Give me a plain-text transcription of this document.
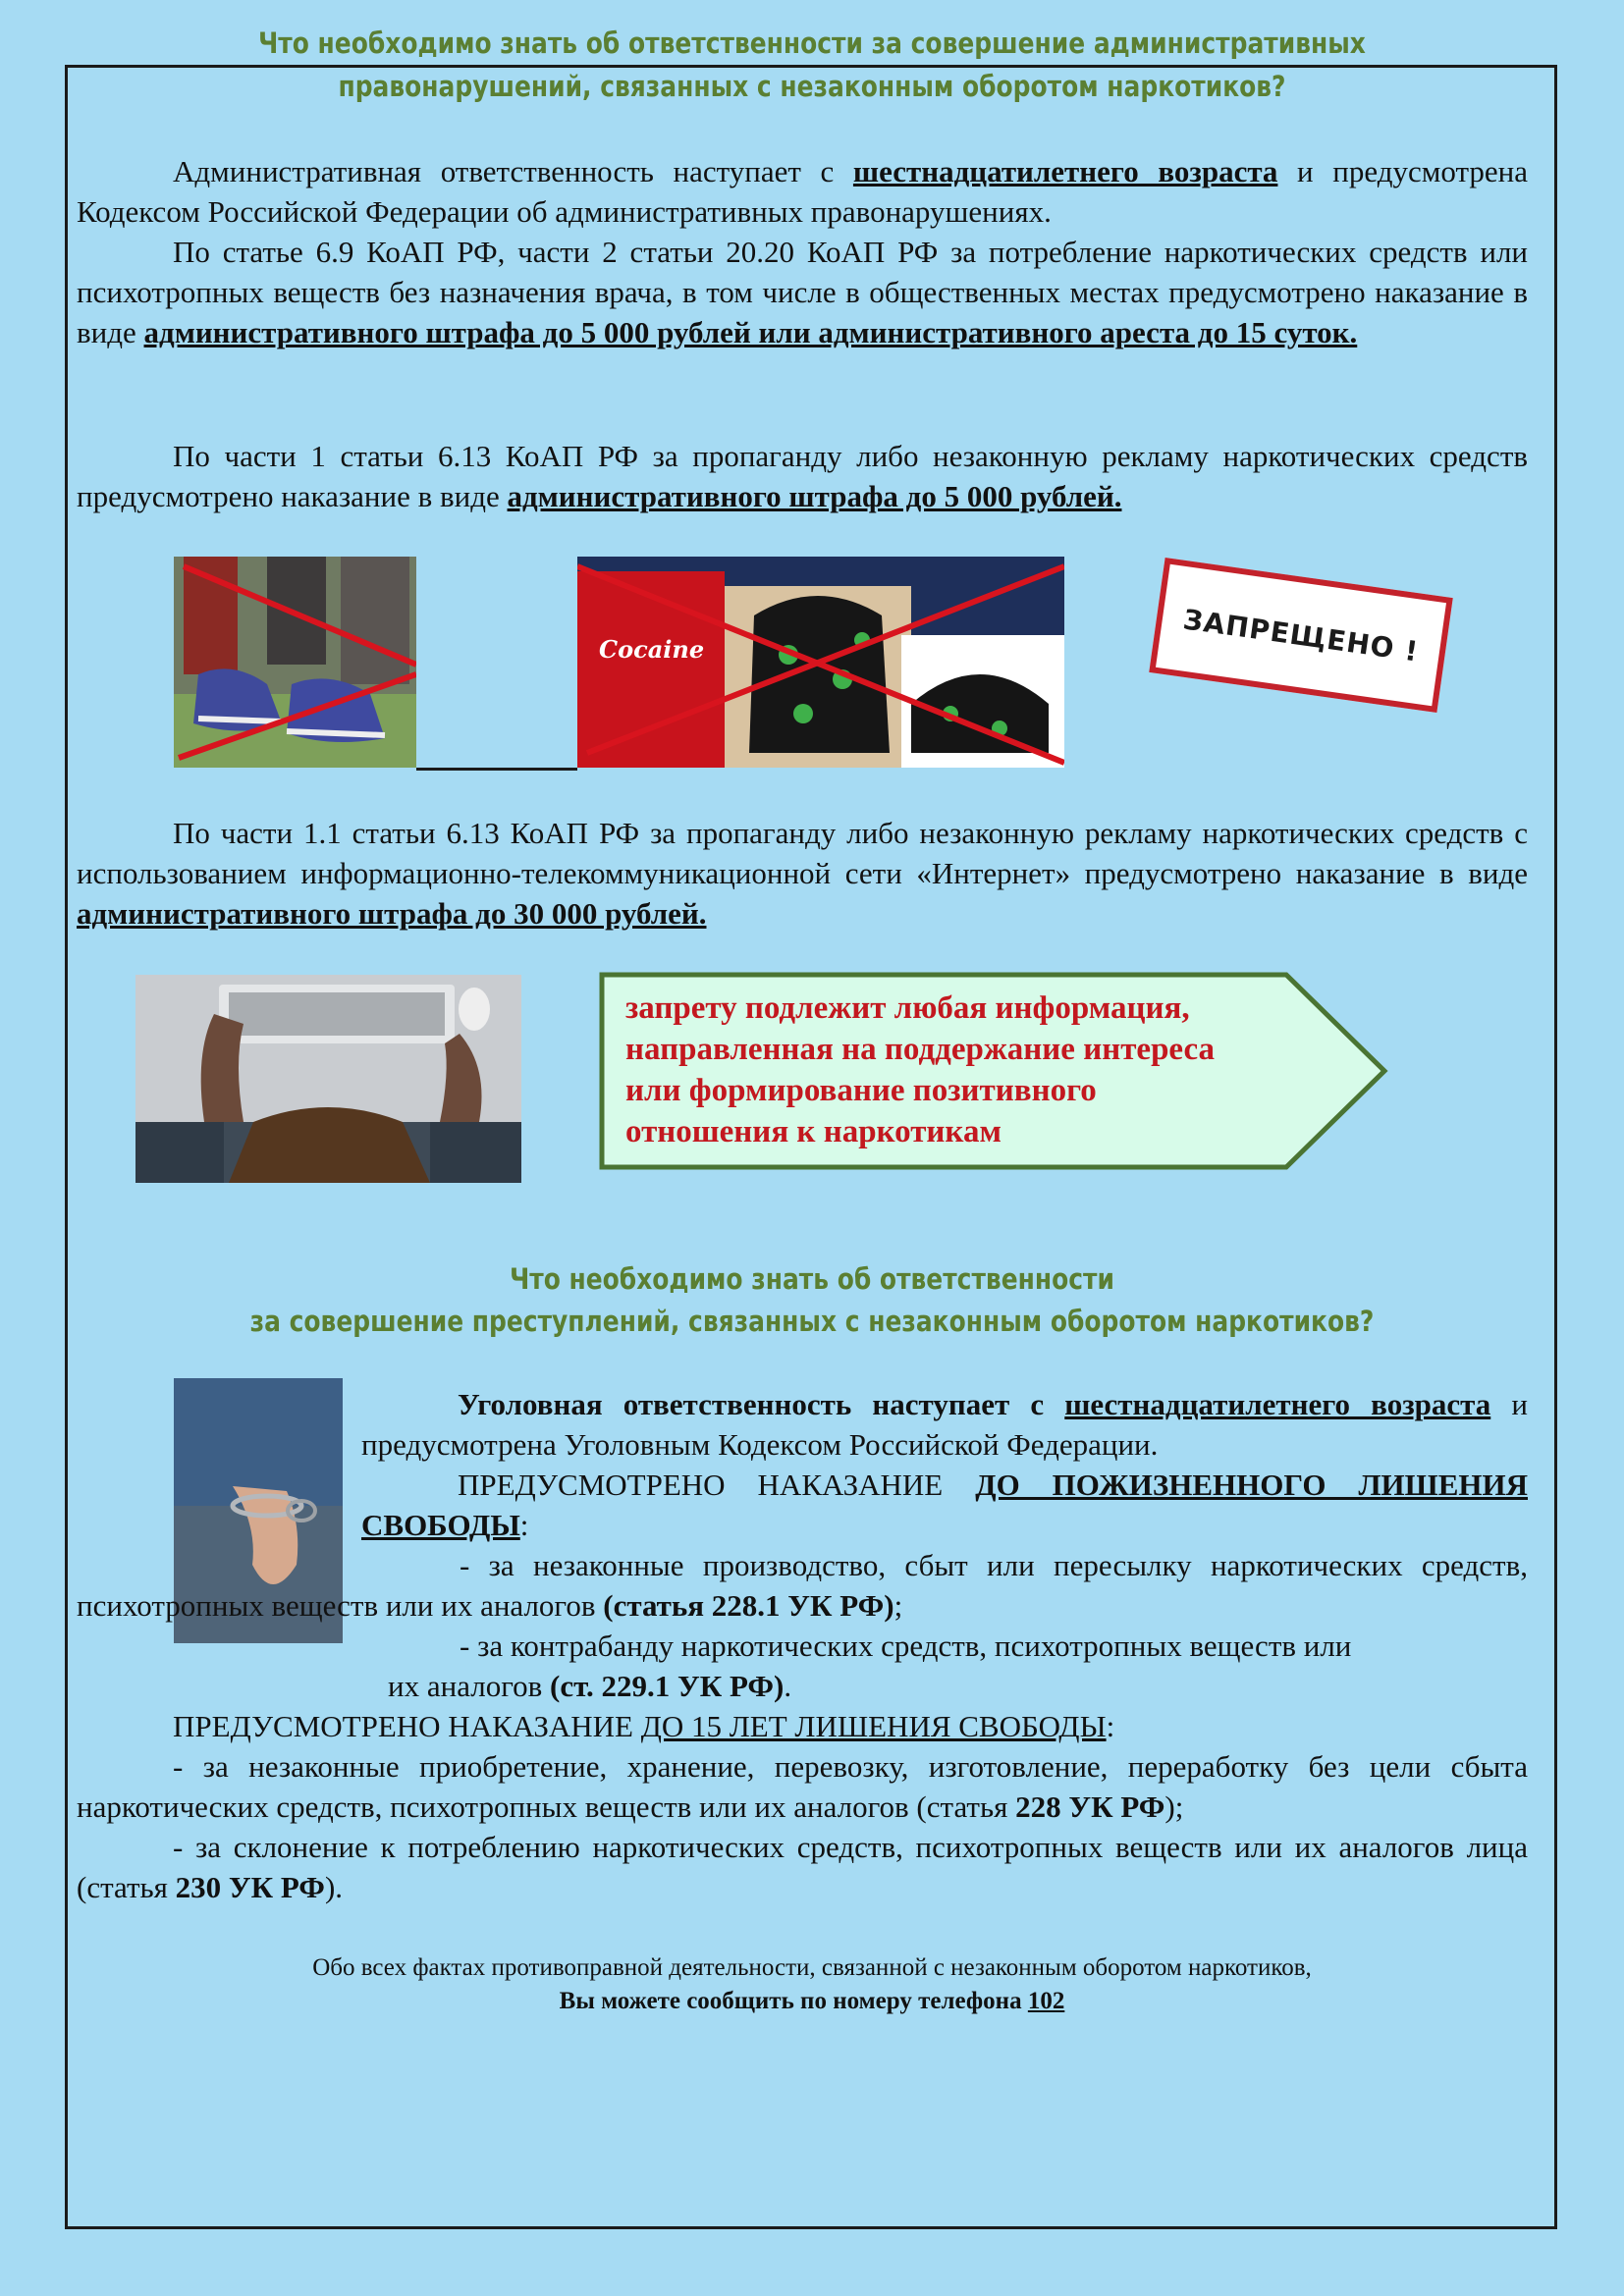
Что необходимо знать об ответственности за совершение административных
правонарушений, связанных с незаконным оборотом наркотиков?

Административная ответственность наступает с шестнадцатилетнего возраста и предусмотрена Кодексом Российской Федерации об административных правонарушениях.

По статье 6.9 КоАП РФ, части 2 статьи 20.20 КоАП РФ за потребление наркотических средств или психотропных веществ без назначения врача, в том числе в общественных местах предусмотрено наказание в виде административного штрафа до 5 000 рублей или административного ареста до 15 суток.

По части 1 статьи 6.13 КоАП РФ за пропаганду либо незаконную рекламу наркотических средств предусмотрено наказание в виде административного штрафа до 5 000 рублей.

Cocaine	ЗАПРЕЩЕНО !

По части 1.1 статьи 6.13 КоАП РФ за пропаганду либо незаконную рекламу наркотических средств с использованием информационно-телекоммуникационной сети «Интернет» предусмотрено наказание в виде административного штрафа до 30 000 рублей.

запрету подлежит любая информация,
направленная на поддержание интереса
или формирование позитивного
отношения к наркотикам
Что необходимо знать об ответственности
за совершение преступлений, связанных с незаконным оборотом наркотиков?

Уголовная ответственность наступает с шестнадцатилетнего возраста и предусмотрена Уголовным Кодексом Российской Федерации.

ПРЕДУСМОТРЕНО НАКАЗАНИЕ ДО ПОЖИЗНЕННОГО ЛИШЕНИЯ СВОБОДЫ:

- за незаконные производство, сбыт или пересылку наркотических средств, психотропных веществ или их аналогов (статья 228.1 УК РФ);

- за контрабанду наркотических средств, психотропных веществ или

их аналогов (ст. 229.1 УК РФ).

ПРЕДУСМОТРЕНО НАКАЗАНИЕ ДО 15 ЛЕТ ЛИШЕНИЯ СВОБОДЫ:

- за незаконные приобретение, хранение, перевозку, изготовление, переработку без цели сбыта наркотических средств, психотропных веществ или их аналогов (статья 228 УК РФ);

- за склонение к потреблению наркотических средств, психотропных веществ или их аналогов лица (статья 230 УК РФ).

Обо всех фактах противоправной деятельности, связанной с незаконным оборотом наркотиков,
Вы можете сообщить по номеру телефона 102
